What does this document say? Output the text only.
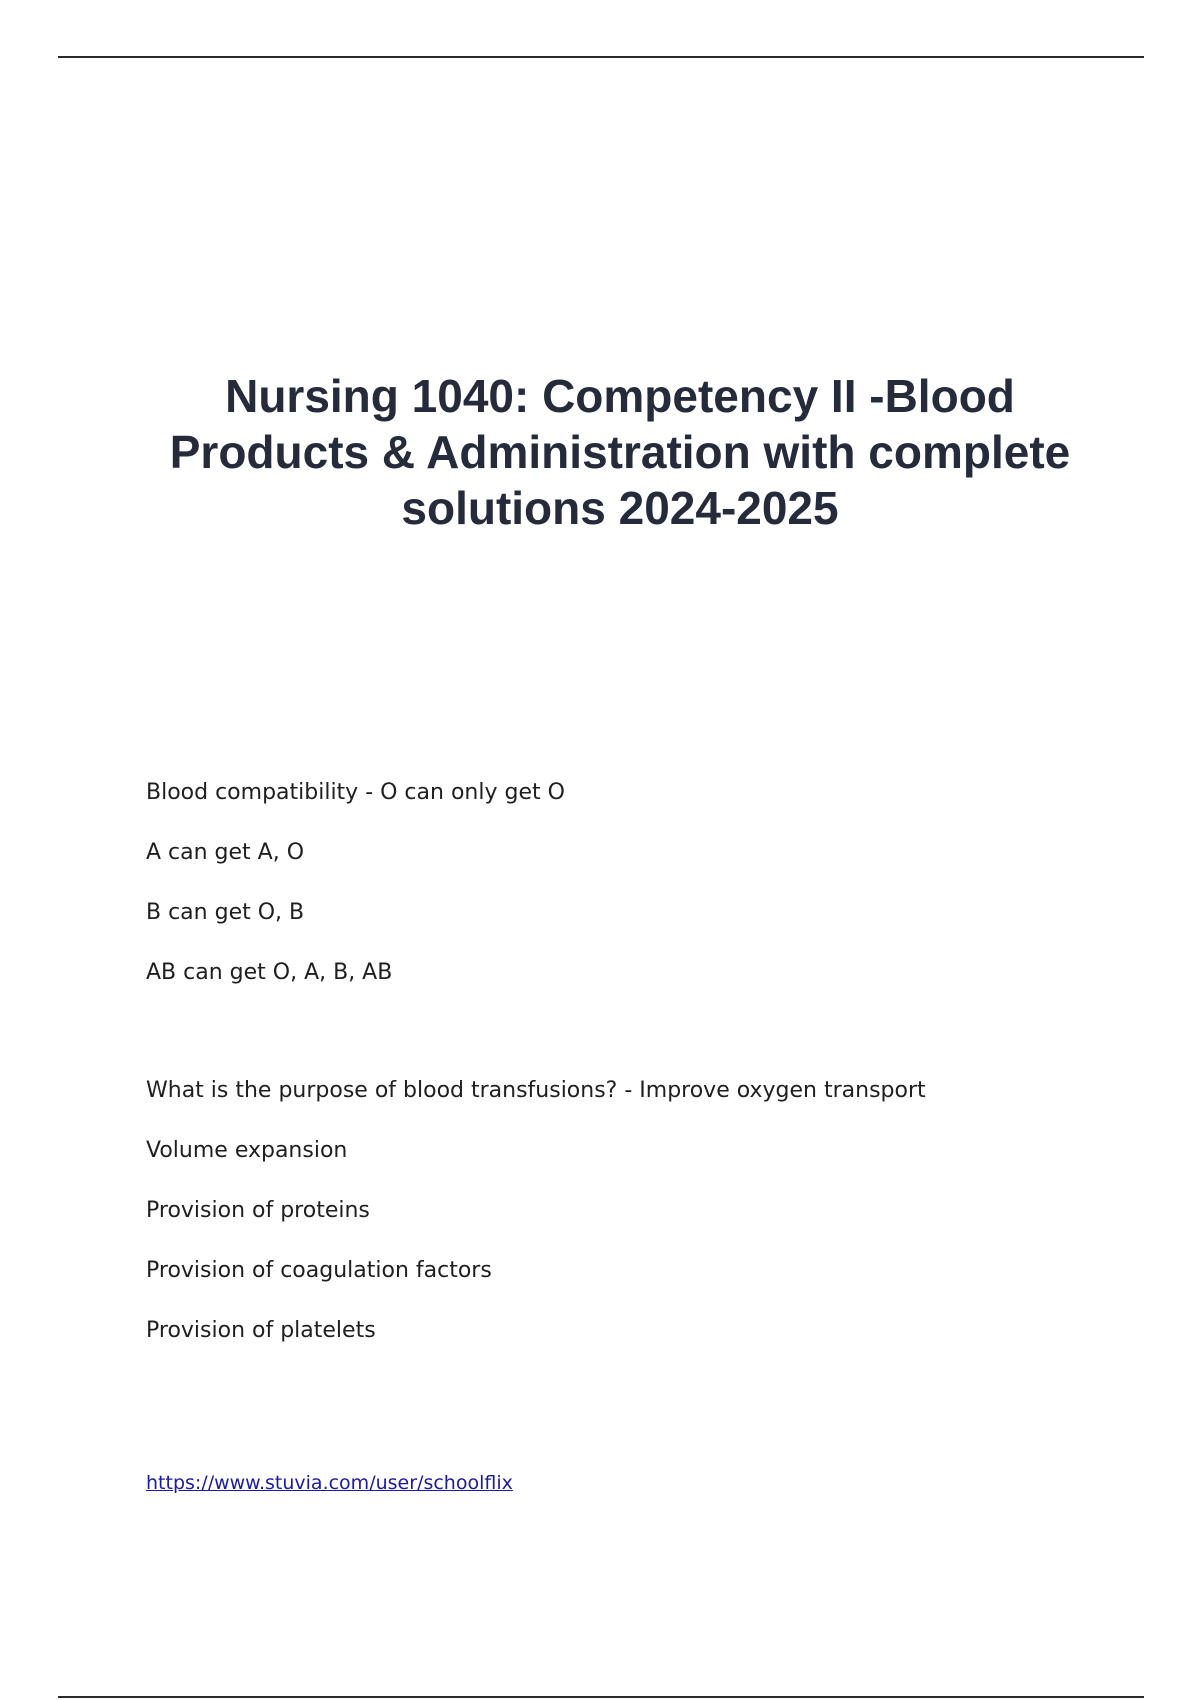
Nursing 1040: Competency II -Blood Products & Administration with complete solutions 2024-2025
Blood compatibility - O can only get O
A can get A, O
B can get O, B
AB can get O, A, B, AB
What is the purpose of blood transfusions? - Improve oxygen transport
Volume expansion
Provision of proteins
Provision of coagulation factors
Provision of platelets
https://www.stuvia.com/user/schoolflix
